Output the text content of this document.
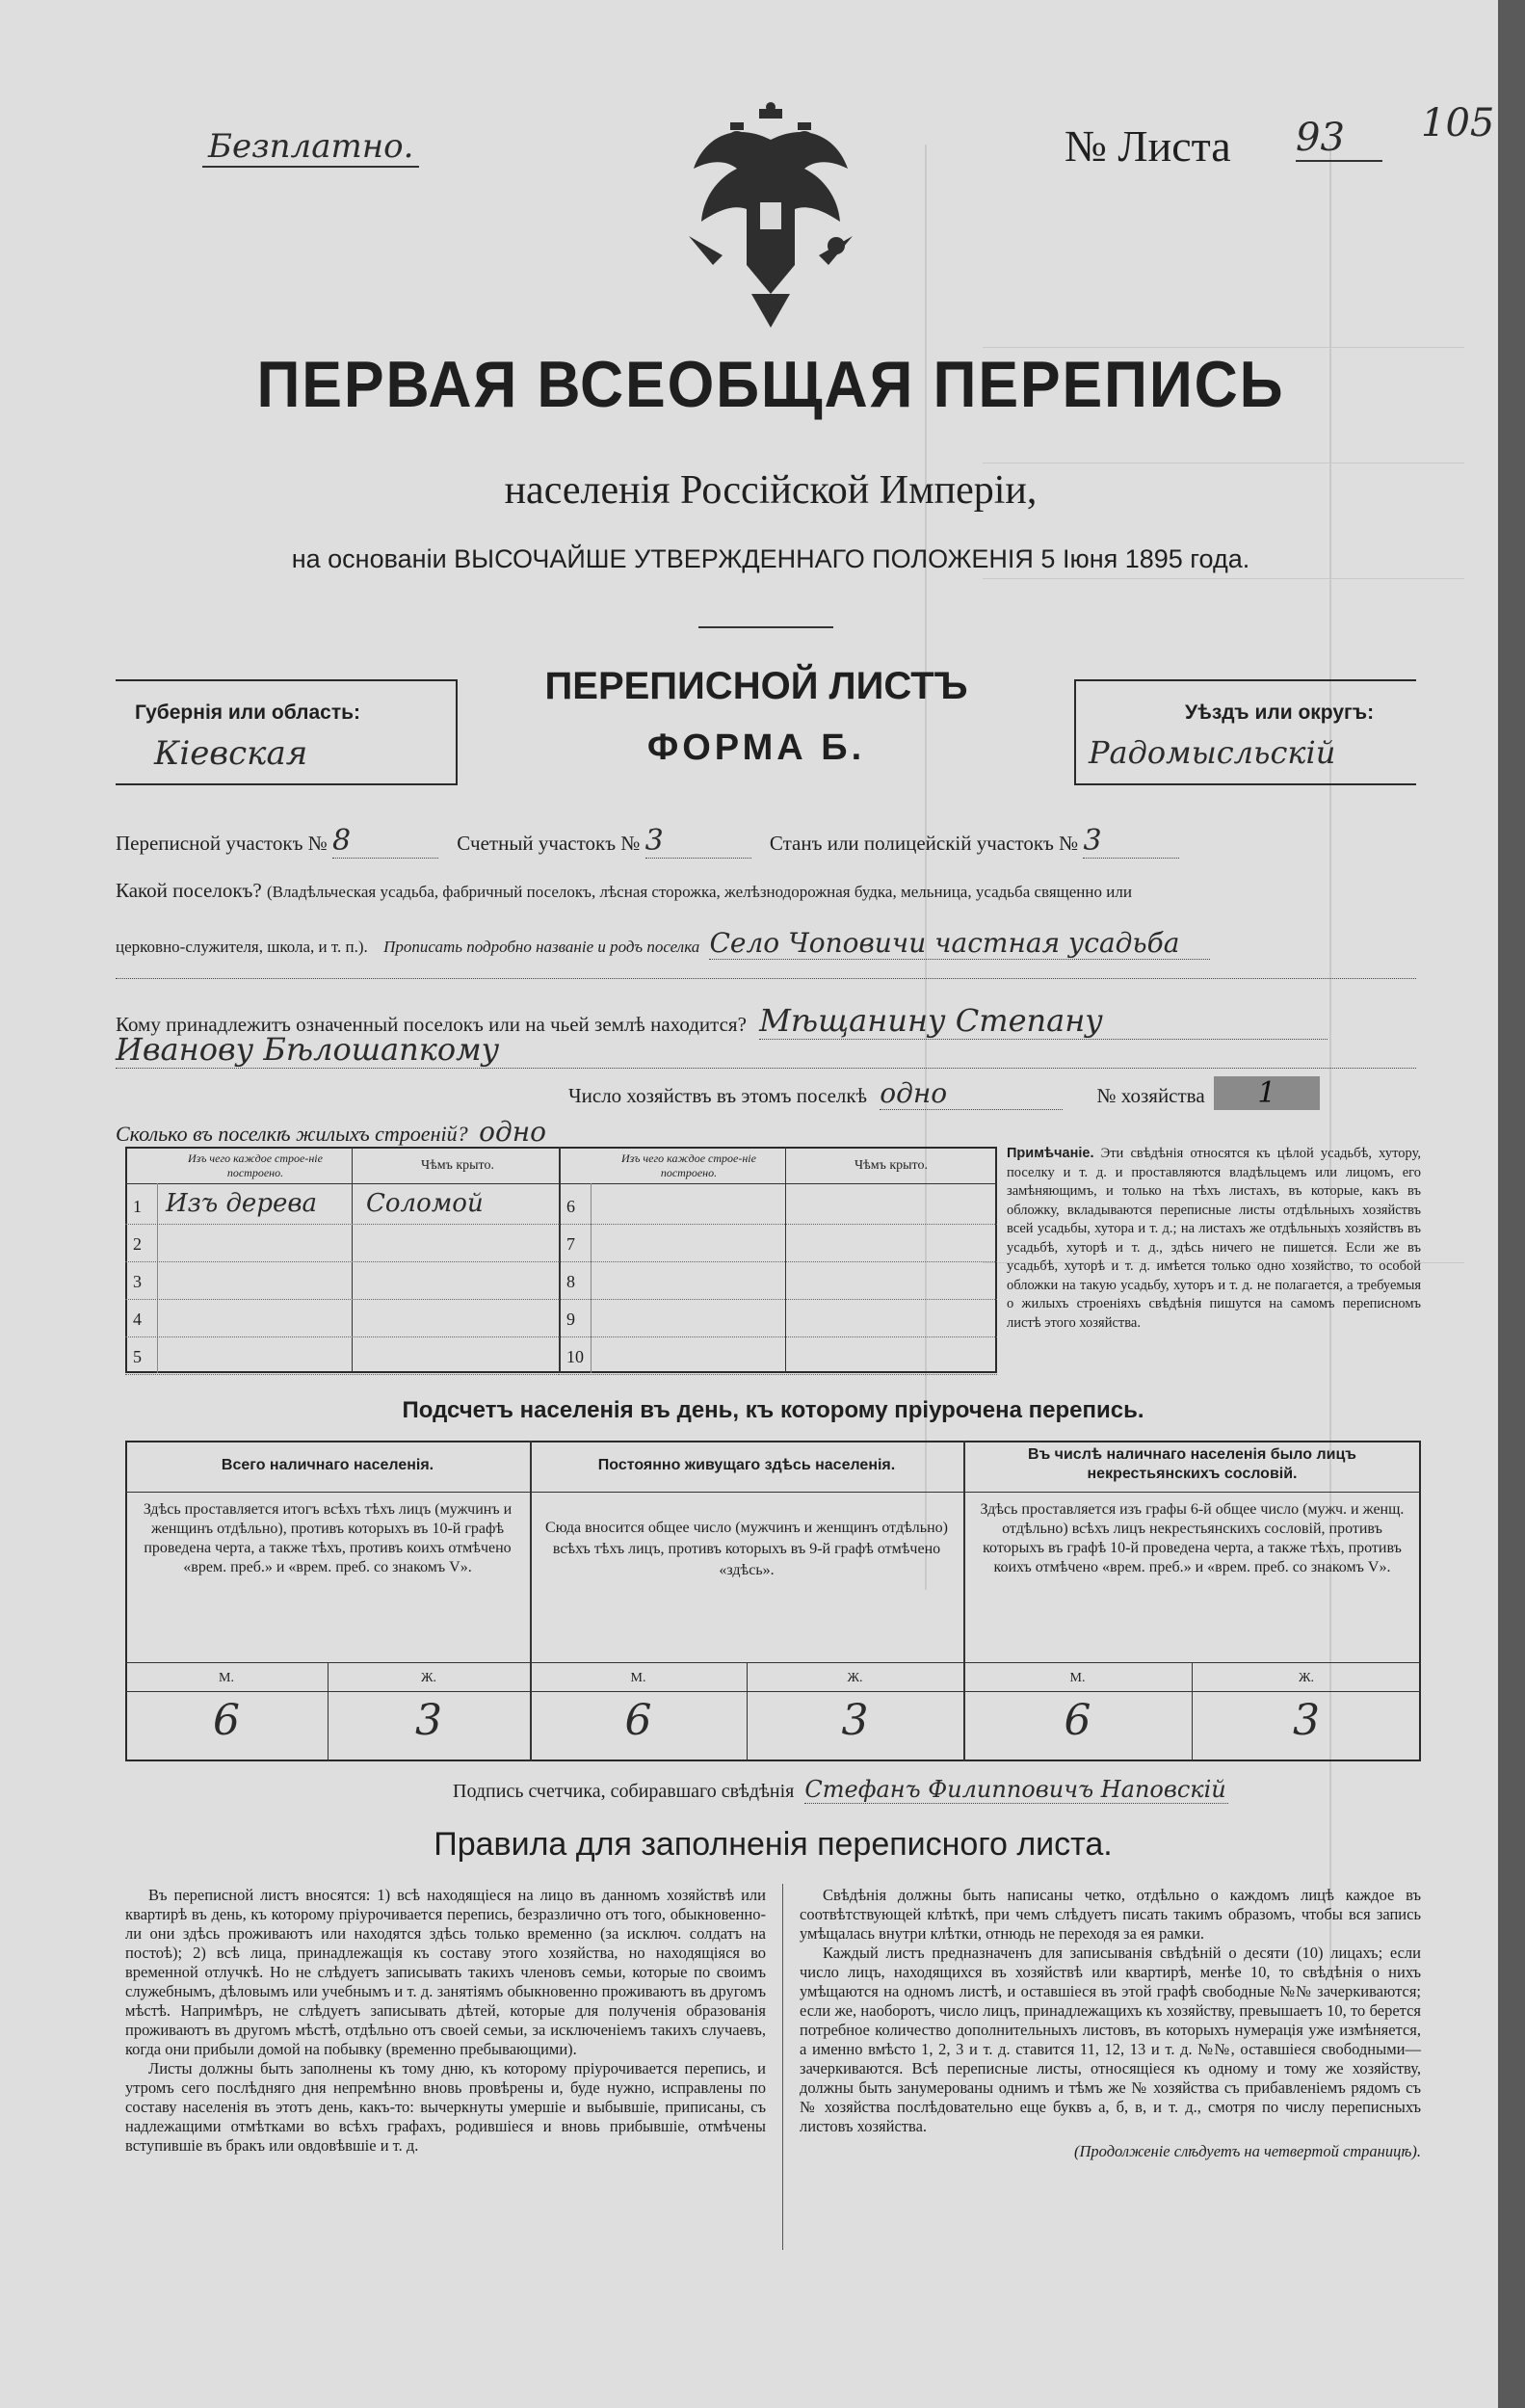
Безплатно.	№ Листа 93	105
ПЕРВАЯ ВСЕОБЩАЯ ПЕРЕПИСЬ
населенія Россійской Имперіи,
на основаніи ВЫСОЧАЙШЕ УТВЕРЖДЕННАГО ПОЛОЖЕНІЯ 5 Іюня 1895 года.
Губернія или область:
Кіевская
ПЕРЕПИСНОЙ ЛИСТЪ
ФОРМА Б.
Уѣздъ или округъ:
Радомысльскій
Переписной участокъ № 8	Счетный участокъ № 3	Станъ или полицейскій участокъ № 3
Какой поселокъ? (Владѣльческая усадьба, фабричный поселокъ, лѣсная сторожка, желѣзнодорожная будка, мельница, усадьба священно или
церковно-служителя, школа, и т. п.). Прописать подробно названіе и родъ поселка Село Чоповичи частная усадьба
Кому принадлежитъ означенный поселокъ или на чьей землѣ находится? Мѣщанину Степану
Иванову Бѣлошапкому
Число хозяйствъ въ этомъ поселкѣ одно	№ хозяйства 1
Сколько въ поселкѣ жилыхъ строеній? одно
Изъ чего каждое строе-ніе построено.	Чѣмъ крыто.	Изъ чего каждое строе-ніе построено.	Чѣмъ крыто.
1 Изъ дерева Соломой
2
3
4
5
6
7
8
9
10
Примѣчаніе. Эти свѣдѣнія относятся къ цѣлой усадьбѣ, хутору, поселку и т. д. и проставляются владѣльцемъ или лицомъ, его замѣняющимъ, и только на тѣхъ листахъ, въ которые, какъ въ обложку, вкладываются переписные листы отдѣльныхъ хозяйствъ всей усадьбы, хутора и т. д.; на листахъ же отдѣльныхъ хозяйствъ въ усадьбѣ, хуторѣ и т. д., здѣсь ничего не пишется. Если же въ усадьбѣ, хуторѣ и т. д. имѣется только одно хозяйство, то особой обложки на такую усадьбу, хуторъ и т. д. не полагается, а требуемыя о жилыхъ строеніяхъ свѣдѣнія пишутся на самомъ переписномъ листѣ этого хозяйства.
Подсчетъ населенія въ день, къ которому пріурочена перепись.
Всего наличнаго населенія.
Здѣсь проставляется итогъ всѣхъ тѣхъ лицъ (мужчинъ и женщинъ отдѣльно), противъ которыхъ въ 10-й графѣ проведена черта, а также тѣхъ, противъ коихъ отмѣчено «врем. преб.» и «врем. преб. со знакомъ V».
Постоянно живущаго здѣсь населенія.
Сюда вносится общее число (мужчинъ и женщинъ отдѣльно) всѣхъ тѣхъ лицъ, противъ которыхъ въ 9-й графѣ отмѣчено «здѣсь».
Въ числѣ наличнаго населенія было лицъ некрестьянскихъ сословій.
Здѣсь проставляется изъ графы 6-й общее число (мужч. и женщ. отдѣльно) всѣхъ лицъ некрестьянскихъ сословій, противъ которыхъ въ графѣ 10-й проведена черта, а также тѣхъ, противъ коихъ отмѣчено «врем. преб.» и «врем. преб. со знакомъ V».
М.	Ж.	М.	Ж.	М.	Ж.
6	3	6	3	6	3
Подпись счетчика, собиравшаго свѣдѣнія Стефанъ Филипповичъ Наповскій
Правила для заполненія переписного листа.

Въ переписной листъ вносятся: 1) всѣ находящіеся на лицо въ данномъ хозяйствѣ или квартирѣ въ день, къ которому пріурочивается перепись, безразлично отъ того, обыкновенно-ли они здѣсь проживаютъ или находятся здѣсь только временно (за исключ. солдатъ на постоѣ); 2) всѣ лица, принадлежащія къ составу этого хозяйства, но находящіяся во временной отлучкѣ. Но не слѣдуетъ записывать такихъ членовъ семьи, которые по своимъ служебнымъ, дѣловымъ или учебнымъ и т. д. занятіямъ обыкновенно проживаютъ въ другомъ мѣстѣ. Напримѣръ, не слѣдуетъ записывать дѣтей, которые для полученія образованія проживаютъ въ другомъ мѣстѣ, отдѣльно отъ своей семьи, за исключеніемъ такихъ случаевъ, когда они прибыли домой на побывку (временно пребывающими).

Листы должны быть заполнены къ тому дню, къ которому пріурочивается перепись, и утромъ сего послѣдняго дня непремѣнно вновь провѣрены и, буде нужно, исправлены по составу населенія въ этотъ день, какъ-то: вычеркнуты умершіе и выбывшіе, приписаны, съ надлежащими отмѣтками во всѣхъ графахъ, родившіеся и вновь прибывшіе, отмѣчены вступившіе въ бракъ или овдовѣвшіе и т. д.

Свѣдѣнія должны быть написаны четко, отдѣльно о каждомъ лицѣ каждое въ соотвѣтствующей клѣткѣ, при чемъ слѣдуетъ писать такимъ образомъ, чтобы вся запись умѣщалась внутри клѣтки, отнюдь не переходя за ея рамки.

Каждый листъ предназначенъ для записыванія свѣдѣній о десяти (10) лицахъ; если число лицъ, находящихся въ хозяйствѣ или квартирѣ, менѣе 10, то свѣдѣнія о нихъ умѣщаются на одномъ листѣ, и оставшіеся въ этой графѣ свободные №№ зачеркиваются; если же, наоборотъ, число лицъ, принадлежащихъ къ хозяйству, превышаетъ 10, то берется потребное количество дополнительныхъ листовъ, въ которыхъ нумерація уже измѣняется, а именно вмѣсто 1, 2, 3 и т. д. ставится 11, 12, 13 и т. д. №№, оставшіеся свободными—зачеркиваются. Всѣ переписные листы, относящіеся къ одному и тому же хозяйству, должны быть занумерованы однимъ и тѣмъ же № хозяйства съ прибавленіемъ рядомъ съ № хозяйства послѣдовательно еще буквъ а, б, в, и т. д., смотря по числу переписныхъ листовъ хозяйства.

(Продолженіе слѣдуетъ на четвертой страницѣ).
